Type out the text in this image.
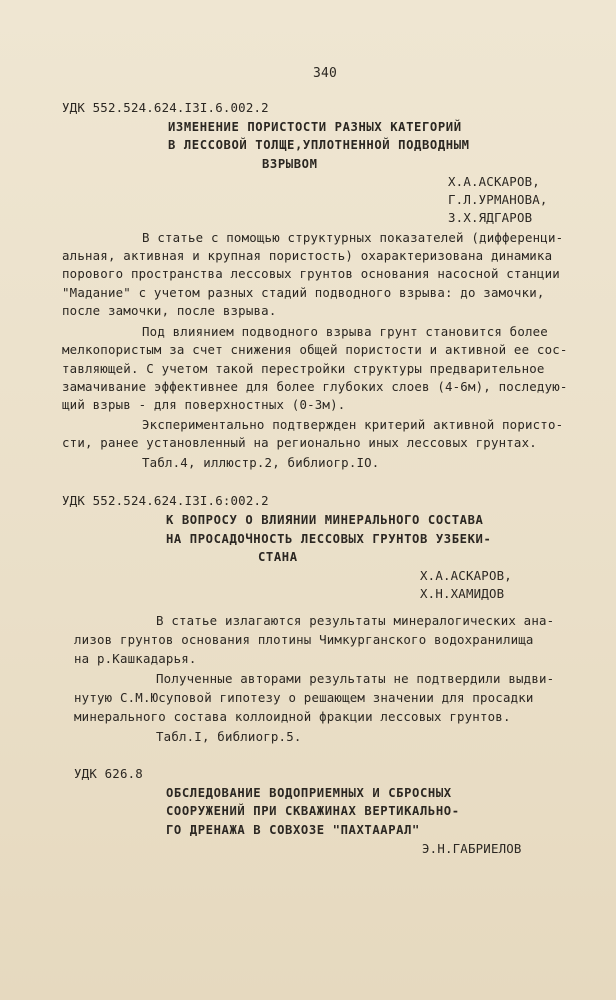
340
УДК 552.524.624.I3I.6.002.2
ИЗМЕНЕНИЕ ПОРИСТОСТИ РАЗНЫХ КАТЕГОРИЙ
В ЛЕССОВОЙ ТОЛЩЕ,УПЛОТНЕННОЙ ПОДВОДНЫМ
ВЗРЫВОМ
Х.А.АСКАРОВ,
Г.Л.УРМАНОВА,
З.Х.ЯДГАРОВ
В статье с помощью структурных показателей (дифференци-
альная, активная и крупная пористость) охарактеризована динамика
порового пространства лессовых грунтов основания насосной станции
"Мадание" с учетом разных стадий подводного взрыва: до замочки,
после замочки, после взрыва.
Под влиянием подводного взрыва грунт становится более
мелкопористым за счет снижения общей пористости и активной ее сос-
тавляющей. С учетом такой перестройки структуры предварительное
замачивание эффективнее для более глубоких слоев (4-6м), последую-
щий взрыв - для поверхностных (0-3м).
Экспериментально подтвержден критерий активной пористо-
сти, ранее установленный на регионально иных лессовых грунтах.
Табл.4, иллюстр.2, библиогр.IO.
УДК 552.524.624.I3I.6:002.2
К ВОПРОСУ О ВЛИЯНИИ МИНЕРАЛЬНОГО СОСТАВА
НА ПРОСАДОЧНОСТЬ ЛЕССОВЫХ ГРУНТОВ УЗБЕКИ-
СТАНА
Х.А.АСКАРОВ,
Х.Н.ХАМИДОВ
В статье излагаются результаты минералогических ана-
лизов грунтов основания плотины Чимкурганского водохранилища
на р.Кашкадарья.
Полученные авторами результаты не подтвердили выдви-
нутую С.М.Юсуповой гипотезу о решающем значении для просадки
минерального состава коллоидной фракции лессовых грунтов.
Табл.I, библиогр.5.
УДК 626.8
ОБСЛЕДОВАНИЕ ВОДОПРИЕМНЫХ И СБРОСНЫХ
СООРУЖЕНИЙ ПРИ СКВАЖИНАХ ВЕРТИКАЛЬНО-
ГО ДРЕНАЖА В СОВХОЗЕ "ПАХТААРАЛ"
Э.Н.ГАБРИЕЛОВ
